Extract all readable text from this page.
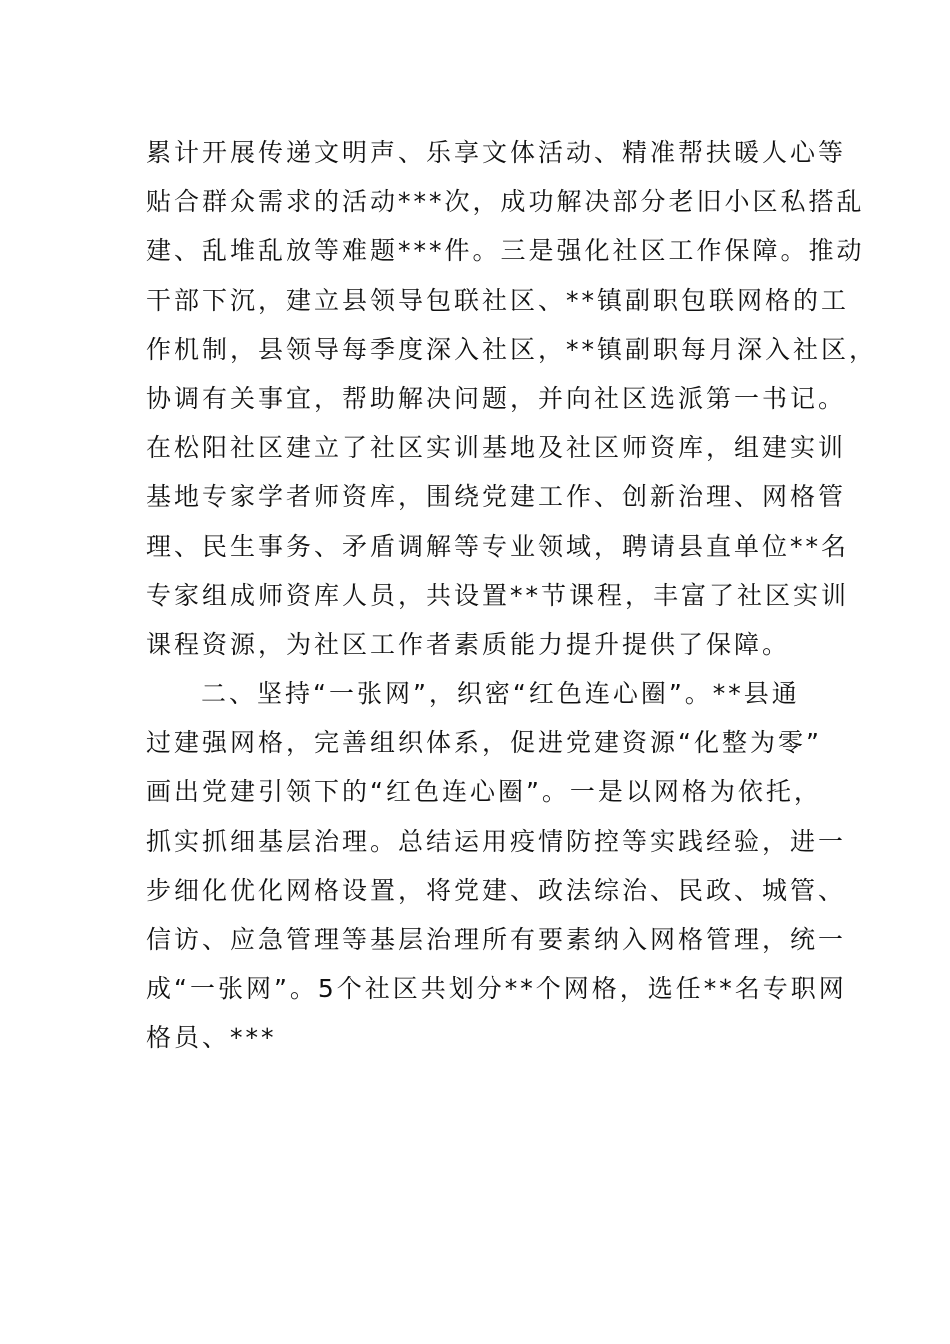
累计开展传递文明声、乐享文体活动、精准帮扶暖人心等
贴合群众需求的活动***次，成功解决部分老旧小区私搭乱
建、乱堆乱放等难题***件。三是强化社区工作保障。推动
干部下沉，建立县领导包联社区、**镇副职包联网格的工
作机制，县领导每季度深入社区，**镇副职每月深入社区，
协调有关事宜，帮助解决问题，并向社区选派第一书记。
在松阳社区建立了社区实训基地及社区师资库，组建实训
基地专家学者师资库，围绕党建工作、创新治理、网格管
理、民生事务、矛盾调解等专业领域，聘请县直单位**名
专家组成师资库人员，共设置**节课程，丰富了社区实训
课程资源，为社区工作者素质能力提升提供了保障。
二、坚持“一张网”，织密“红色连心圈”。**县通
过建强网格，完善组织体系，促进党建资源“化整为零”
画出党建引领下的“红色连心圈”。一是以网格为依托，
抓实抓细基层治理。总结运用疫情防控等实践经验，进一
步细化优化网格设置，将党建、政法综治、民政、城管、
信访、应急管理等基层治理所有要素纳入网格管理，统一
成“一张网”。5个社区共划分**个网格，选任**名专职网
格员、***
